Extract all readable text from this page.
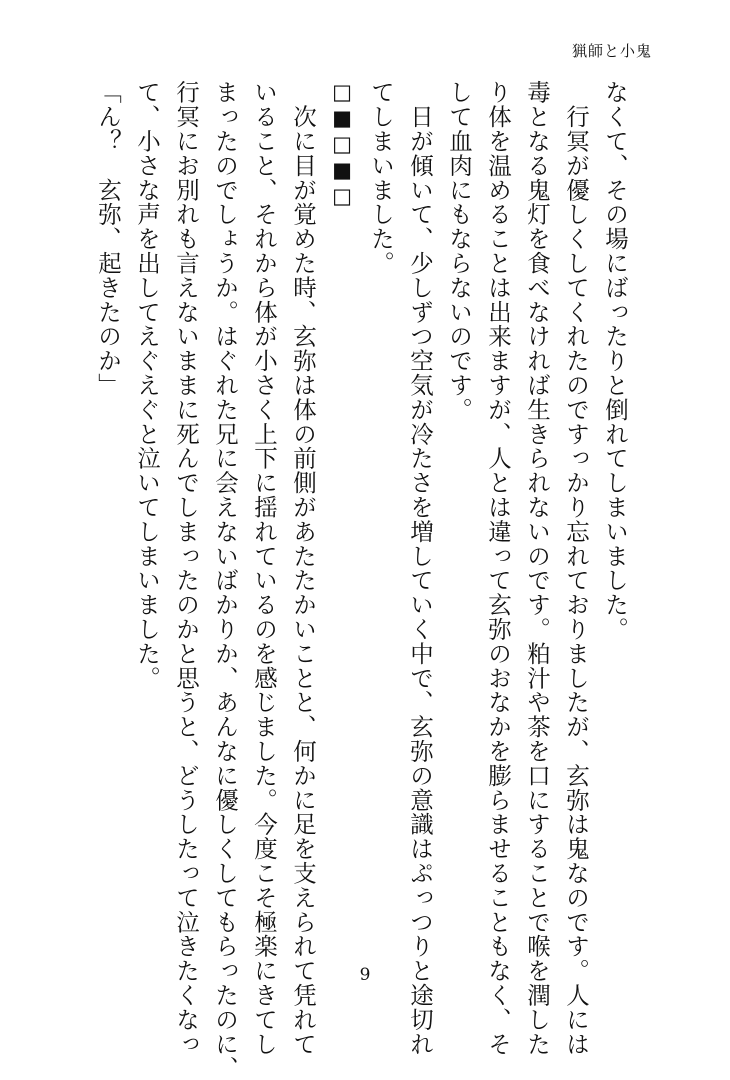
猟師と小鬼
なくて、その場にばったりと倒れてしまいました。
　行冥が優しくしてくれたのですっかり忘れておりましたが、玄弥は鬼なのです。人には
毒となる鬼灯を食べなければ生きられないのです。粕汁や茶を口にすることで喉を潤した
り体を温めることは出来ますが、人とは違って玄弥のおなかを膨らませることもなく、そ
して血肉にもならないのです。
　日が傾いて、少しずつ空気が冷たさを増していく中で、玄弥の意識はぷっつりと途切れ
てしまいました。
□■□■□
　次に目が覚めた時、玄弥は体の前側があたたかいことと、何かに足を支えられて凭れて
いること、それから体が小さく上下に揺れているのを感じました。今度こそ極楽にきてし
まったのでしょうか。はぐれた兄に会えないばかりか、あんなに優しくしてもらったのに、
行冥にお別れも言えないままに死んでしまったのかと思うと、どうしたって泣きたくなっ
て、小さな声を出してえぐえぐと泣いてしまいました。
「ん？　玄弥、起きたのか」
9
